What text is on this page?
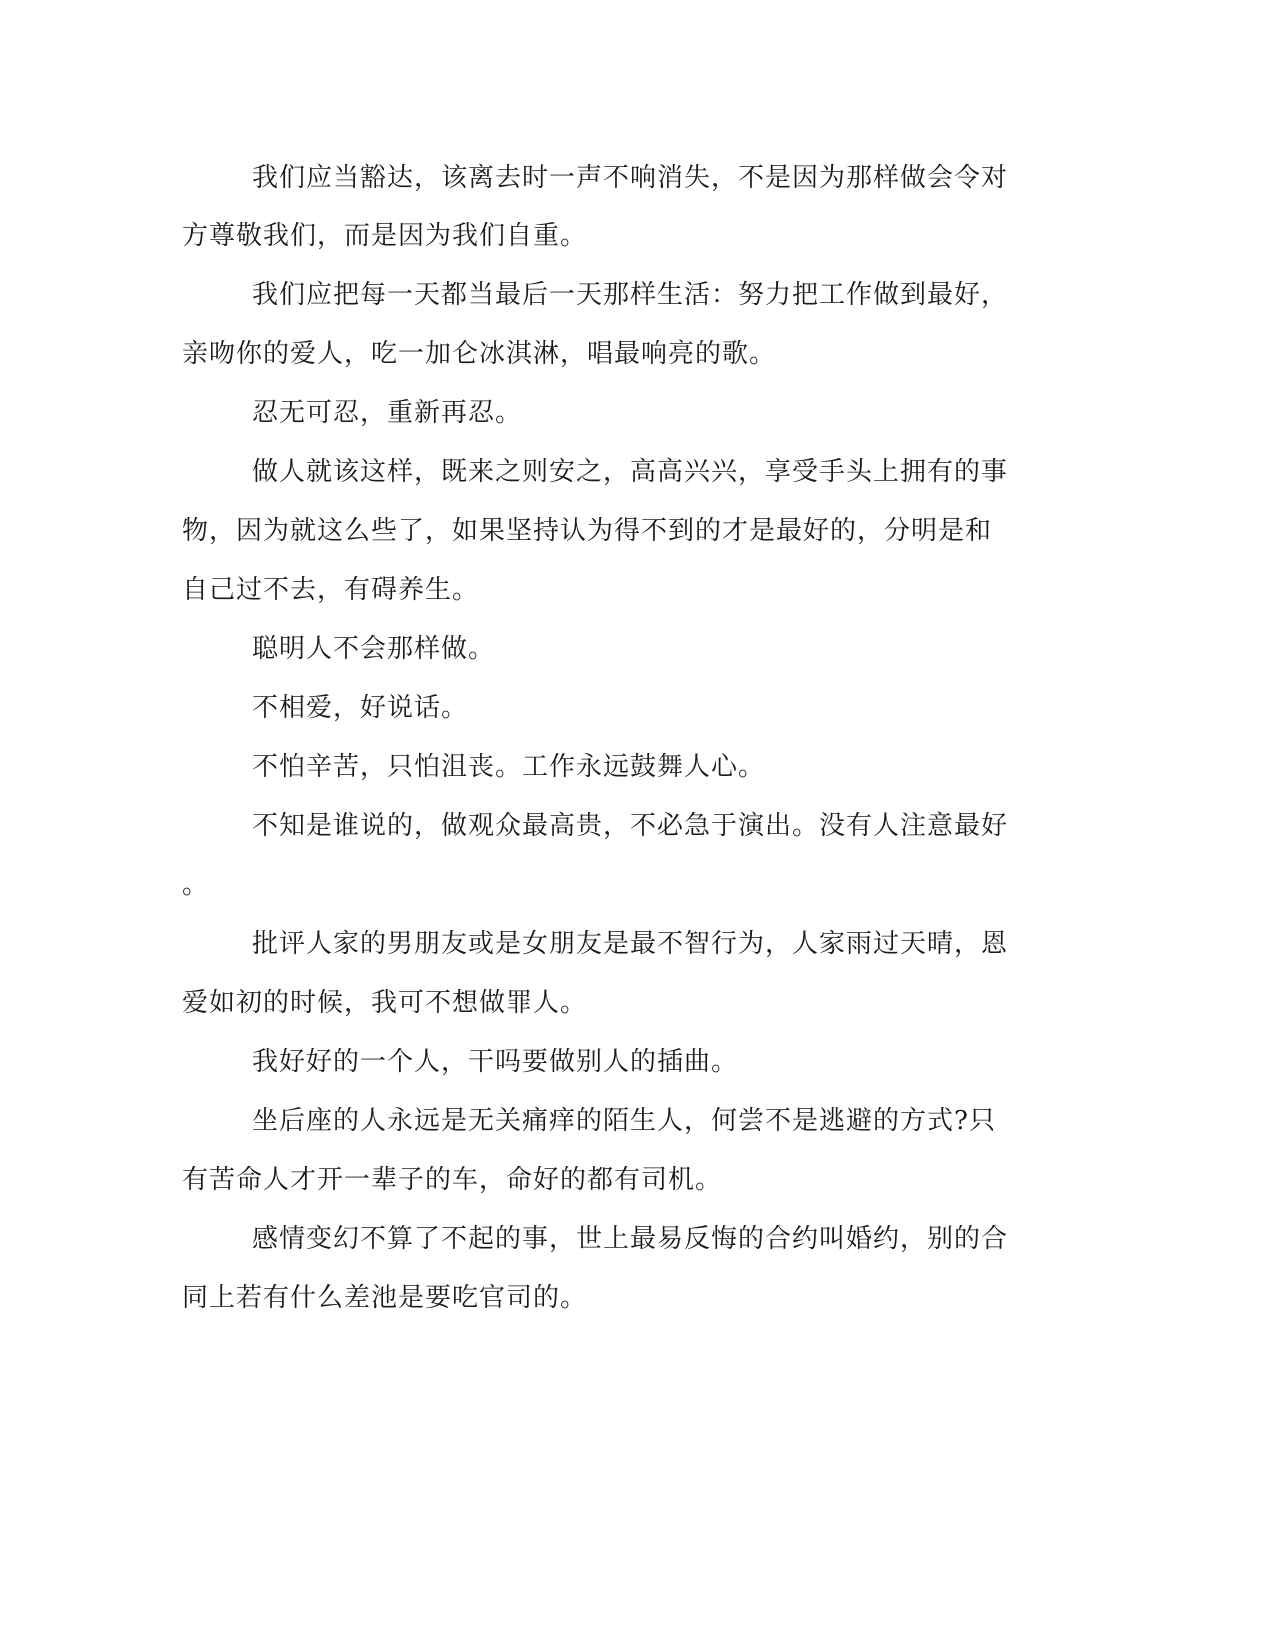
我们应当豁达，该离去时一声不响消失，不是因为那样做会令对
方尊敬我们，而是因为我们自重。
我们应把每一天都当最后一天那样生活：努力把工作做到最好，
亲吻你的爱人，吃一加仑冰淇淋，唱最响亮的歌。
忍无可忍，重新再忍。
做人就该这样，既来之则安之，高高兴兴，享受手头上拥有的事
物，因为就这么些了，如果坚持认为得不到的才是最好的，分明是和
自己过不去，有碍养生。
聪明人不会那样做。
不相爱，好说话。
不怕辛苦，只怕沮丧。工作永远鼓舞人心。
不知是谁说的，做观众最高贵，不必急于演出。没有人注意最好
。
批评人家的男朋友或是女朋友是最不智行为，人家雨过天晴，恩
爱如初的时候，我可不想做罪人。
我好好的一个人，干吗要做别人的插曲。
坐后座的人永远是无关痛痒的陌生人，何尝不是逃避的方式?只
有苦命人才开一辈子的车，命好的都有司机。
感情变幻不算了不起的事，世上最易反悔的合约叫婚约，别的合
同上若有什么差池是要吃官司的。
